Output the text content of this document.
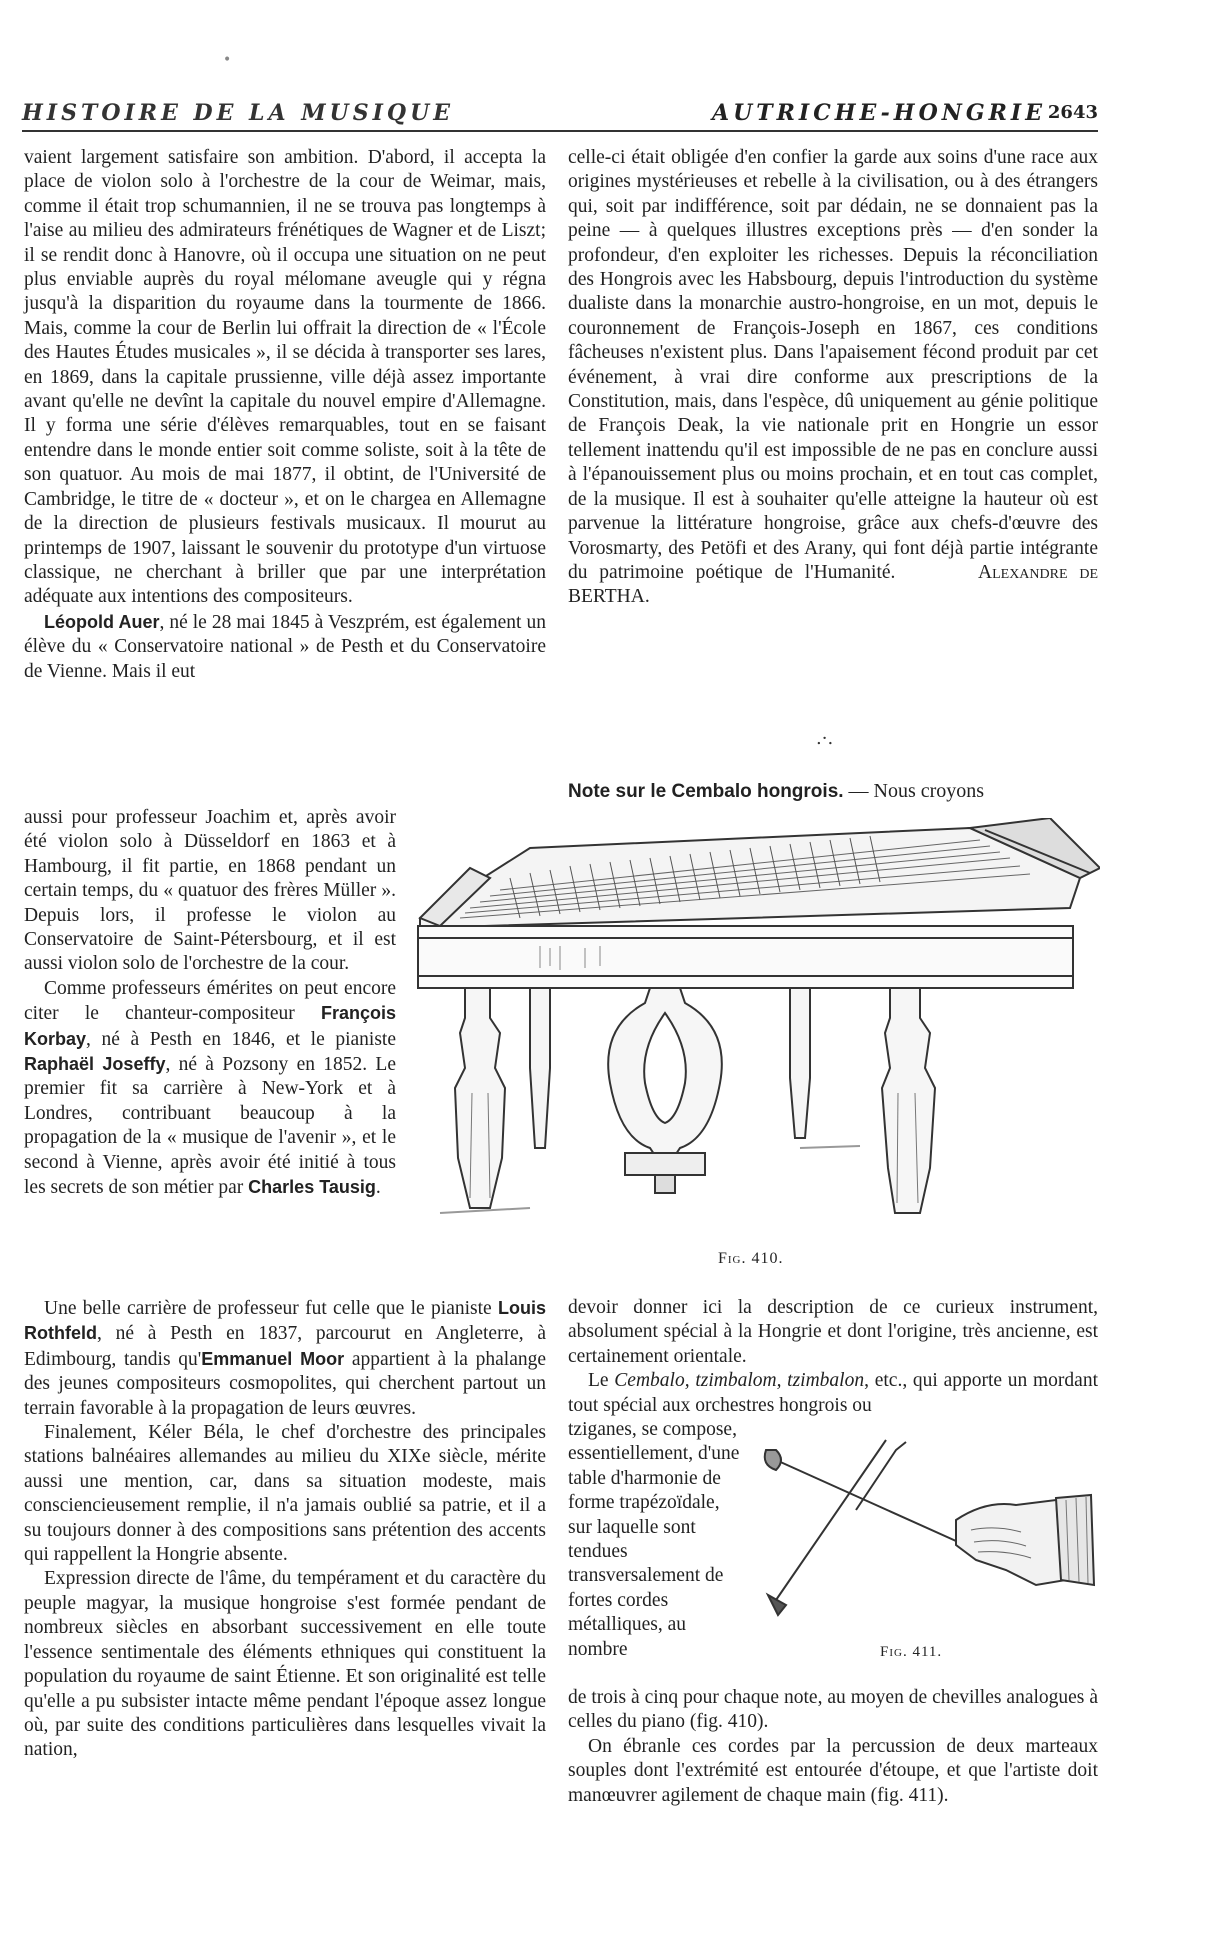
•
HISTOIRE DE LA MUSIQUE	AUTRICHE-HONGRIE 2643

vaient largement satisfaire son ambition. D'abord, il accepta la place de violon solo à l'orchestre de la cour de Weimar, mais, comme il était trop schumannien, il ne se trouva pas longtemps à l'aise au milieu des admirateurs frénétiques de Wagner et de Liszt; il se rendit donc à Hanovre, où il occupa une situation on ne peut plus enviable auprès du royal mélomane aveugle qui y régna jusqu'à la disparition du royaume dans la tourmente de 1866. Mais, comme la cour de Berlin lui offrait la direction de « l'École des Hautes Études musicales », il se décida à transporter ses lares, en 1869, dans la capitale prussienne, ville déjà assez importante avant qu'elle ne devînt la capitale du nouvel empire d'Allemagne. Il y forma une série d'élèves remarquables, tout en se faisant entendre dans le monde entier soit comme soliste, soit à la tête de son quatuor. Au mois de mai 1877, il obtint, de l'Université de Cambridge, le titre de « docteur », et on le chargea en Allemagne de la direction de plusieurs festivals musicaux. Il mourut au printemps de 1907, laissant le souvenir du prototype d'un virtuose classique, ne cherchant à briller que par une interprétation adéquate aux intentions des compositeurs.

Léopold Auer, né le 28 mai 1845 à Veszprém, est également un élève du « Conservatoire national » de Pesth et du Conservatoire de Vienne. Mais il eut

aussi pour professeur Joachim et, après avoir été violon solo à Düsseldorf en 1863 et à Hambourg, il fit partie, en 1868 pendant un certain temps, du « quatuor des frères Müller ». Depuis lors, il professe le violon au Conservatoire de Saint-Pétersbourg, et il est aussi violon solo de l'orchestre de la cour.

Comme professeurs émérites on peut encore citer le chanteur-compositeur François Korbay, né à Pesth en 1846, et le pianiste Raphaël Joseffy, né à Pozsony en 1852. Le premier fit sa carrière à New-York et à Londres, contribuant beaucoup à la propagation de la « musique de l'avenir », et le second à Vienne, après avoir été initié à tous les secrets de son métier par Charles Tausig.

Une belle carrière de professeur fut celle que le pianiste Louis Rothfeld, né à Pesth en 1837, parcourut en Angleterre, à Edimbourg, tandis qu'Emmanuel Moor appartient à la phalange des jeunes compositeurs cosmopolites, qui cherchent partout un terrain favorable à la propagation de leurs œuvres.

Finalement, Kéler Béla, le chef d'orchestre des principales stations balnéaires allemandes au milieu du XIXe siècle, mérite aussi une mention, car, dans sa situation modeste, mais consciencieusement remplie, il n'a jamais oublié sa patrie, et il a su toujours donner à des compositions sans prétention des accents qui rappellent la Hongrie absente.

Expression directe de l'âme, du tempérament et du caractère du peuple magyar, la musique hongroise s'est formée pendant de nombreux siècles en absorbant successivement en elle toute l'essence sentimentale des éléments ethniques qui constituent la population du royaume de saint Étienne. Et son originalité est telle qu'elle a pu subsister intacte même pendant l'époque assez longue où, par suite des conditions particulières dans lesquelles vivait la nation,

celle-ci était obligée d'en confier la garde aux soins d'une race aux origines mystérieuses et rebelle à la civilisation, ou à des étrangers qui, soit par indifférence, soit par dédain, ne se donnaient pas la peine — à quelques illustres exceptions près — d'en sonder la profondeur, d'en exploiter les richesses. Depuis la réconciliation des Hongrois avec les Habsbourg, depuis l'introduction du système dualiste dans la monarchie austro-hongroise, en un mot, depuis le couronnement de François-Joseph en 1867, ces conditions fâcheuses n'existent plus. Dans l'apaisement fécond produit par cet événement, à vrai dire conforme aux prescriptions de la Constitution, mais, dans l'espèce, dû uniquement au génie politique de François Deak, la vie nationale prit en Hongrie un essor tellement inattendu qu'il est impossible de ne pas en conclure aussi à l'épanouissement plus ou moins prochain, et en tout cas complet, de la musique. Il est à souhaiter qu'elle atteigne la hauteur où est parvenue la littérature hongroise, grâce aux chefs-d'œuvre des Vorosmarty, des Petöfi et des Arany, qui font déjà partie intégrante du patrimoine poétique de l'Humanité.	Alexandre de BERTHA.

.·.
Note sur le Cembalo hongrois. — Nous croyons
Fig. 410.

devoir donner ici la description de ce curieux instrument, absolument spécial à la Hongrie et dont l'origine, très ancienne, est certainement orientale.

Le Cembalo, tzimbalom, tzimbalon, etc., qui apporte un mordant tout spécial aux orchestres hongrois ou

tziganes, se compose, essentiellement, d'une table d'harmonie de forme trapézoïdale, sur laquelle sont tendues transversalement de fortes cordes métalliques, au nombre	Fig. 411.

de trois à cinq pour chaque note, au moyen de chevilles analogues à celles du piano (fig. 410).

On ébranle ces cordes par la percussion de deux marteaux souples dont l'extrémité est entourée d'étoupe, et que l'artiste doit manœuvrer agilement de chaque main (fig. 411).
